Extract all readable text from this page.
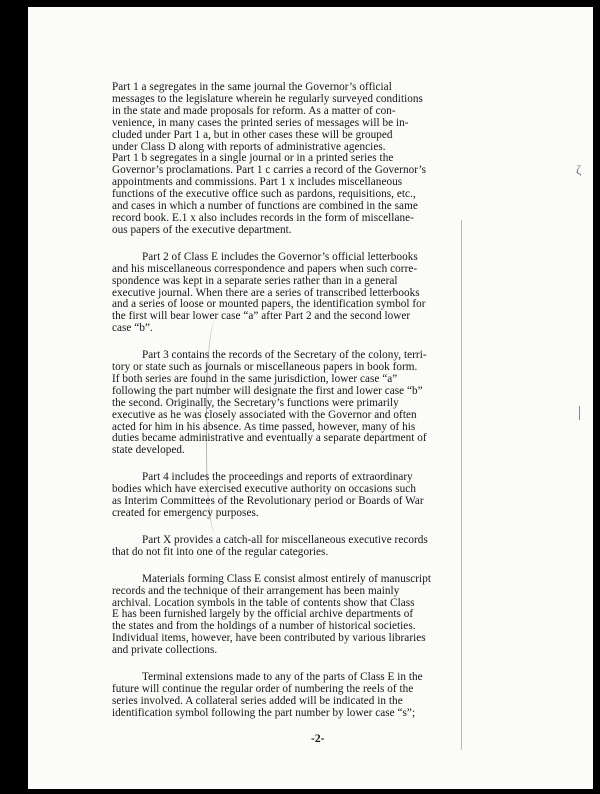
Part 1 a segregates in the same journal the Governor’s official
messages to the legislature wherein he regularly surveyed conditions
in the state and made proposals for reform. As a matter of con-
venience, in many cases the printed series of messages will be in-
cluded under Part 1 a, but in other cases these will be grouped
under Class D along with reports of administrative agencies.
Part 1 b segregates in a single journal or in a printed series the
Governor’s proclamations. Part 1 c carries a record of the Governor’s
appointments and commissions. Part 1 x includes miscellaneous
functions of the executive office such as pardons, requisitions, etc.,
and cases in which a number of functions are combined in the same
record book. E.1 x also includes records in the form of miscellane-
ous papers of the executive department.

Part 2 of Class E includes the Governor’s official letterbooks
and his miscellaneous correspondence and papers when such corre-
spondence was kept in a separate series rather than in a general
executive journal. When there are a series of transcribed letterbooks
and a series of loose or mounted papers, the identification symbol for
the first will bear lower case “a” after Part 2 and the second lower
case “b”.

Part 3 contains the records of the Secretary of the colony, terri-
tory or state such as journals or miscellaneous papers in book form.
If both series are found in the same jurisdiction, lower case “a”
following the part number will designate the first and lower case “b”
the second. Originally, the Secretary’s functions were primarily
executive as he was closely associated with the Governor and often
acted for him in his absence. As time passed, however, many of his
duties became administrative and eventually a separate department of
state developed.

Part 4 includes the proceedings and reports of extraordinary
bodies which have exercised executive authority on occasions such
as Interim Committees of the Revolutionary period or Boards of War
created for emergency purposes.

Part X provides a catch-all for miscellaneous executive records
that do not fit into one of the regular categories.

Materials forming Class E consist almost entirely of manuscript
records and the technique of their arrangement has been mainly
archival. Location symbols in the table of contents show that Class
E has been furnished largely by the official archive departments of
the states and from the holdings of a number of historical societies.
Individual items, however, have been contributed by various libraries
and private collections.

Terminal extensions made to any of the parts of Class E in the
future will continue the regular order of numbering the reels of the
series involved. A collateral series added will be indicated in the
identification symbol following the part number by lower case “s”;

ζ
-2-
